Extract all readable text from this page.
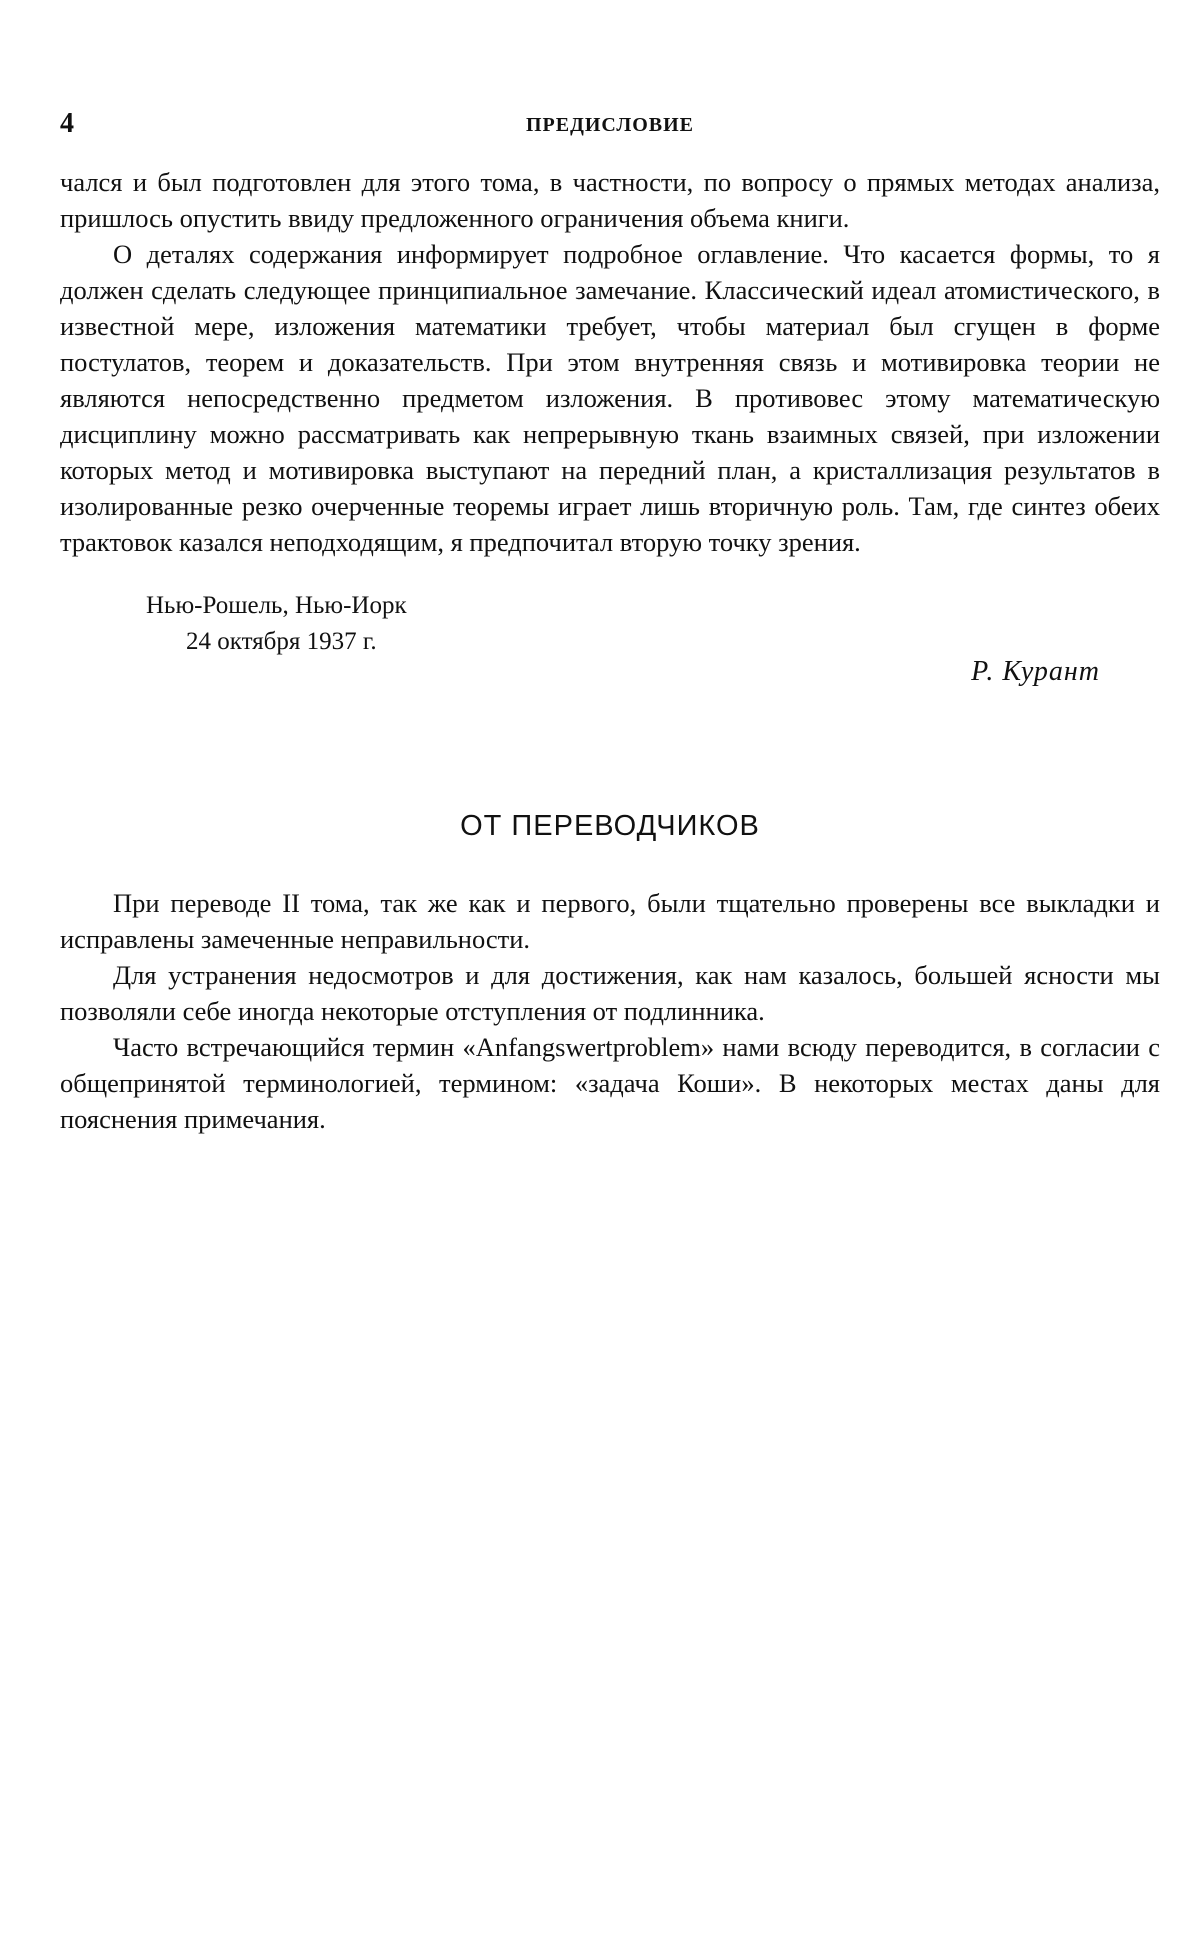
4	ПРЕДИСЛОВИЕ

чался и был подготовлен для этого тома, в частности, по вопросу о прямых методах анализа, пришлось опустить ввиду предложенного ограничения объема книги.

О деталях содержания информирует подробное оглавление. Что касается формы, то я должен сделать следующее принципиальное замечание. Классический идеал атомистического, в известной мере, изложения математики требует, чтобы материал был сгущен в форме постулатов, теорем и доказательств. При этом внутренняя связь и мотивировка теории не являются непосредственно предметом изложения. В противовес этому математическую дисциплину можно рассматривать как непрерывную ткань взаимных связей, при изложении которых метод и мотивировка выступают на передний план, а кристаллизация результатов в изолированные резко очерченные теоремы играет лишь вторичную роль. Там, где синтез обеих трактовок казался неподходящим, я предпочитал вторую точку зрения.

Нью-Рошель, Нью-Иорк
24 октября 1937 г.
Р. Курант
ОТ ПЕРЕВОДЧИКОВ

При переводе II тома, так же как и первого, были тщательно проверены все выкладки и исправлены замеченные неправильности.

Для устранения недосмотров и для достижения, как нам казалось, большей ясности мы позволяли себе иногда некоторые отступления от подлинника.

Часто встречающийся термин «Anfangswertproblem» нами всюду переводится, в согласии с общепринятой терминологией, термином: «задача Коши». В некоторых местах даны для пояснения примечания.
